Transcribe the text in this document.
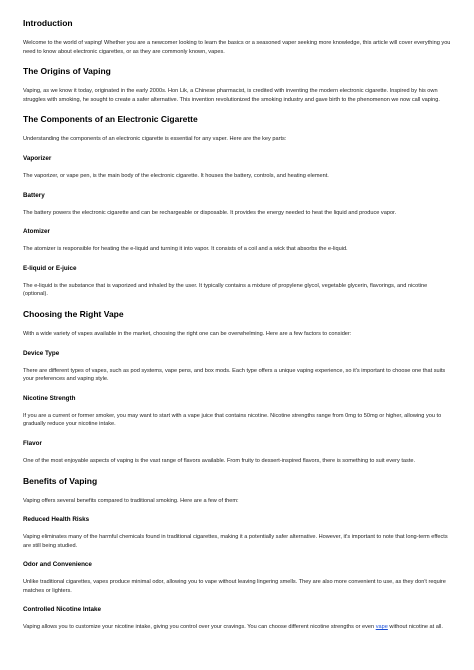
Introduction

Welcome to the world of vaping! Whether you are a newcomer looking to learn the basics or a seasoned vaper seeking more knowledge, this article will cover everything you need to know about electronic cigarettes, or as they are commonly known, vapes.

The Origins of Vaping

Vaping, as we know it today, originated in the early 2000s. Hon Lik, a Chinese pharmacist, is credited with inventing the modern electronic cigarette. Inspired by his own struggles with smoking, he sought to create a safer alternative. This invention revolutionized the smoking industry and gave birth to the phenomenon we now call vaping.

The Components of an Electronic Cigarette

Understanding the components of an electronic cigarette is essential for any vaper. Here are the key parts:

Vaporizer

The vaporizer, or vape pen, is the main body of the electronic cigarette. It houses the battery, controls, and heating element.

Battery

The battery powers the electronic cigarette and can be rechargeable or disposable. It provides the energy needed to heat the liquid and produce vapor.

Atomizer

The atomizer is responsible for heating the e-liquid and turning it into vapor. It consists of a coil and a wick that absorbs the e-liquid.

E-liquid or E-juice

The e-liquid is the substance that is vaporized and inhaled by the user. It typically contains a mixture of propylene glycol, vegetable glycerin, flavorings, and nicotine (optional).

Choosing the Right Vape

With a wide variety of vapes available in the market, choosing the right one can be overwhelming. Here are a few factors to consider:

Device Type

There are different types of vapes, such as pod systems, vape pens, and box mods. Each type offers a unique vaping experience, so it's important to choose one that suits your preferences and vaping style.

Nicotine Strength

If you are a current or former smoker, you may want to start with a vape juice that contains nicotine. Nicotine strengths range from 0mg to 50mg or higher, allowing you to gradually reduce your nicotine intake.

Flavor

One of the most enjoyable aspects of vaping is the vast range of flavors available. From fruity to dessert-inspired flavors, there is something to suit every taste.

Benefits of Vaping

Vaping offers several benefits compared to traditional smoking. Here are a few of them:

Reduced Health Risks

Vaping eliminates many of the harmful chemicals found in traditional cigarettes, making it a potentially safer alternative. However, it's important to note that long-term effects are still being studied.

Odor and Convenience

Unlike traditional cigarettes, vapes produce minimal odor, allowing you to vape without leaving lingering smells. They are also more convenient to use, as they don't require matches or lighters.

Controlled Nicotine Intake

Vaping allows you to customize your nicotine intake, giving you control over your cravings. You can choose different nicotine strengths or even vape without nicotine at all.
